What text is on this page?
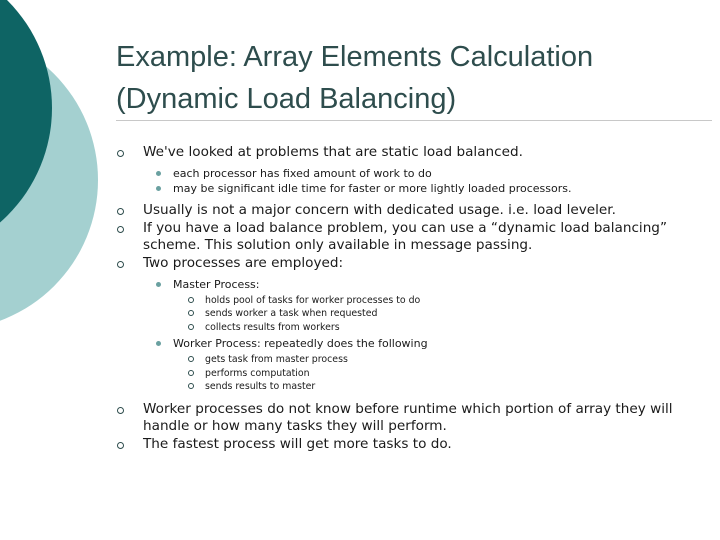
Example: Array Elements Calculation
(Dynamic Load Balancing)
We've looked at problems that are static load balanced.
each processor has fixed amount of work to do
may be significant idle time for faster or more lightly loaded processors.
Usually is not a major concern with dedicated usage. i.e. load leveler.
If you have a load balance problem, you can use a “dynamic load balancing” scheme. This solution only available in message passing.
Two processes are employed:
Master Process:
holds pool of tasks for worker processes to do
sends worker a task when requested
collects results from workers
Worker Process: repeatedly does the following
gets task from master process
performs computation
sends results to master
Worker processes do not know before runtime which portion of array they will handle or how many tasks they will perform.
The fastest process will get more tasks to do.
